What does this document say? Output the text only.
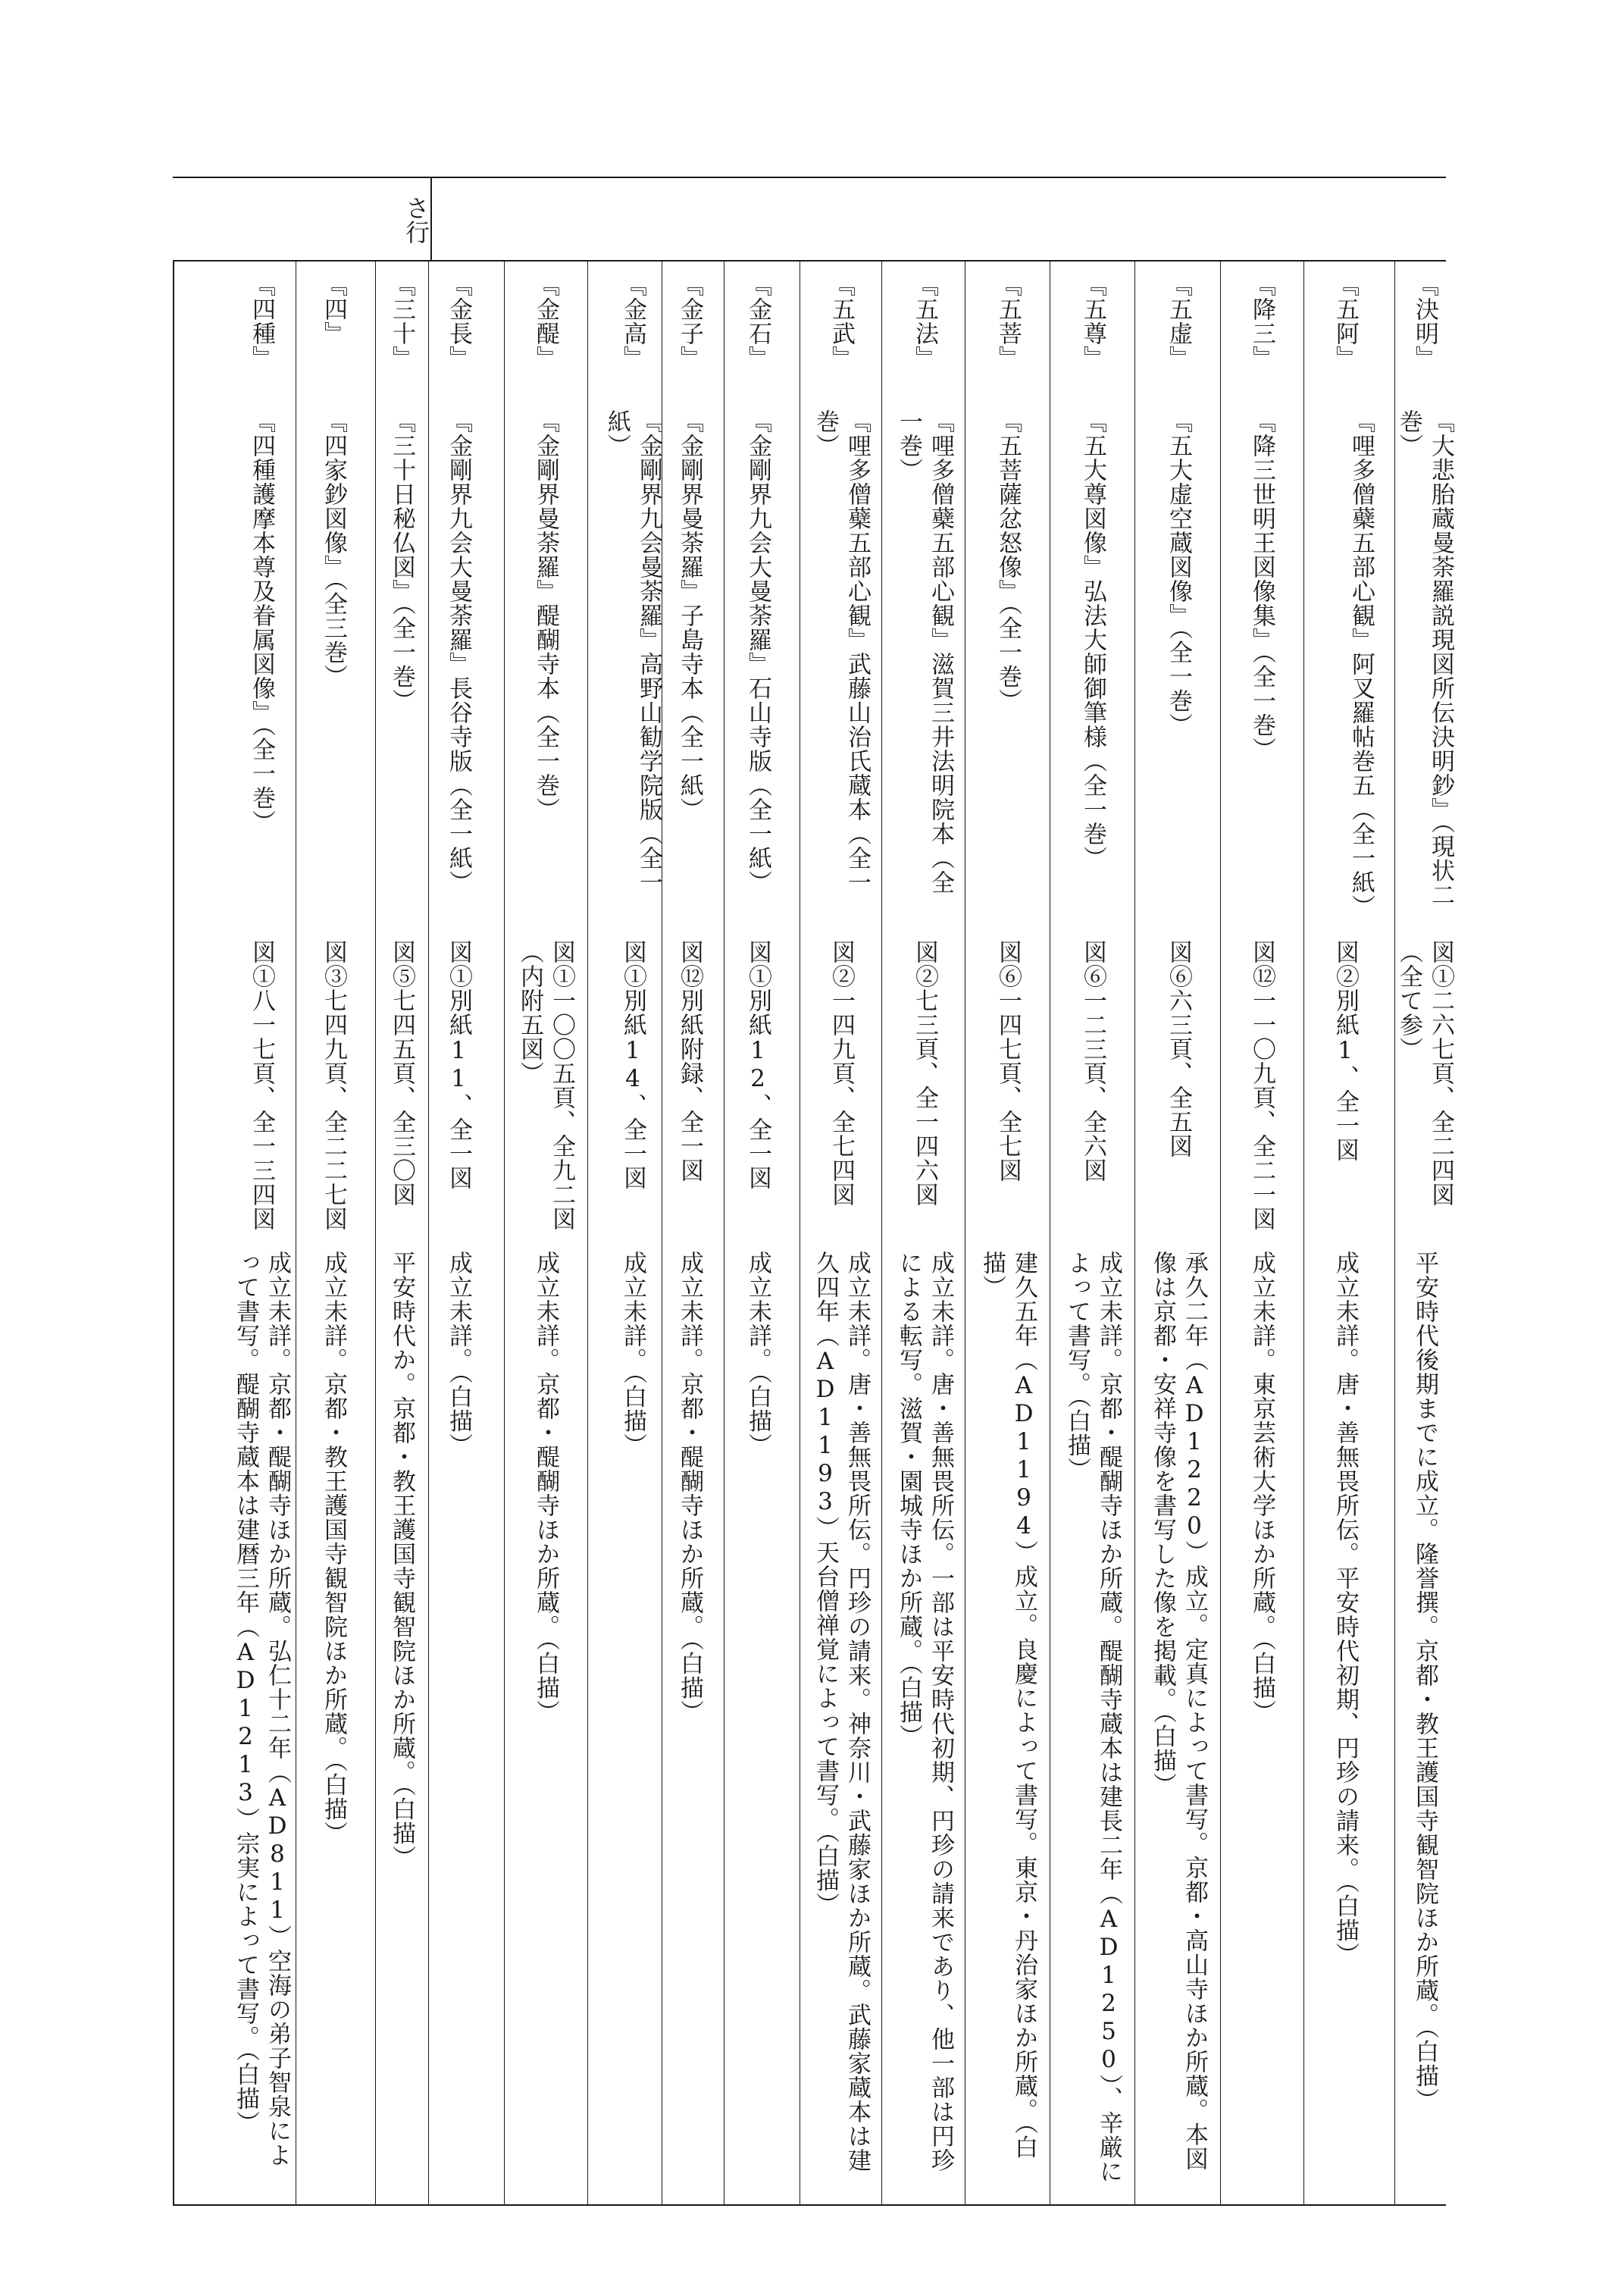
さ行
『決明』
『大悲胎蔵曼荼羅説現図所伝決明鈔』（現状二巻）
図①二六七頁、全二四図（全て参）
平安時代後期までに成立。隆誉撰。京都・教王護国寺観智院ほか所蔵。（白描）
『五阿』
『哩多僧蘗五部心観』阿叉羅帖巻五（全一紙）
図②別紙1、全一図
成立未詳。唐・善無畏所伝。平安時代初期、円珍の請来。（白描）
『降三』
『降三世明王図像集』（全一巻）
図⑫一一〇九頁、全二一図
成立未詳。東京芸術大学ほか所蔵。（白描）
『五虚』
『五大虚空蔵図像』（全一巻）
図⑥六三頁、全五図
承久二年（AD1220）成立。定真によって書写。京都・高山寺ほか所蔵。本図像は京都・安祥寺像を書写した像を掲載。（白描）
『五尊』
『五大尊図像』弘法大師御筆様（全一巻）
図⑥一二三頁、全六図
成立未詳。京都・醍醐寺ほか所蔵。醍醐寺蔵本は建長二年（AD1250）、辛厳によって書写。（白描）
『五菩』
『五菩薩忿怒像』（全一巻）
図⑥一四七頁、全七図
建久五年（AD1194）成立。良慶によって書写。東京・丹治家ほか所蔵。（白描）
『五法』
『哩多僧蘗五部心観』滋賀三井法明院本（全一巻）
図②七三頁、全一四六図
成立未詳。唐・善無畏所伝。一部は平安時代初期、円珍の請来であり、他一部は円珍による転写。滋賀・園城寺ほか所蔵。（白描）
『五武』
『哩多僧蘗五部心観』武藤山治氏蔵本（全一巻）
図②一四九頁、全七四図
成立未詳。唐・善無畏所伝。円珍の請来。神奈川・武藤家ほか所蔵。武藤家蔵本は建久四年（AD1193）天台僧禅覚によって書写。（白描）
『金石』
『金剛界九会大曼荼羅』石山寺版（全一紙）
図①別紙12、全一図
成立未詳。（白描）
『金子』
『金剛界曼荼羅』子島寺本（全一紙）
図⑫別紙附録、全一図
成立未詳。京都・醍醐寺ほか所蔵。（白描）
『金高』
『金剛界九会曼荼羅』高野山勧学院版（全一紙）
図①別紙14、全一図
成立未詳。（白描）
『金醍』
『金剛界曼荼羅』醍醐寺本（全一巻）
図①一〇〇五頁、全九二図（内附五図）
成立未詳。京都・醍醐寺ほか所蔵。（白描）
『金長』
『金剛界九会大曼荼羅』長谷寺版（全一紙）
図①別紙11、全一図
成立未詳。（白描）
『三十』
『三十日秘仏図』（全一巻）
図⑤七四五頁、全三〇図
平安時代か。京都・教王護国寺観智院ほか所蔵。（白描）
『四』
『四家鈔図像』（全三巻）
図③七四九頁、全二二七図
成立未詳。京都・教王護国寺観智院ほか所蔵。（白描）
『四種』
『四種護摩本尊及眷属図像』（全一巻）
図①八一七頁、全一三四図
成立未詳。京都・醍醐寺ほか所蔵。弘仁十二年（AD811）空海の弟子智泉によって書写。醍醐寺蔵本は建暦三年（AD1213）宗実によって書写。（白描）
